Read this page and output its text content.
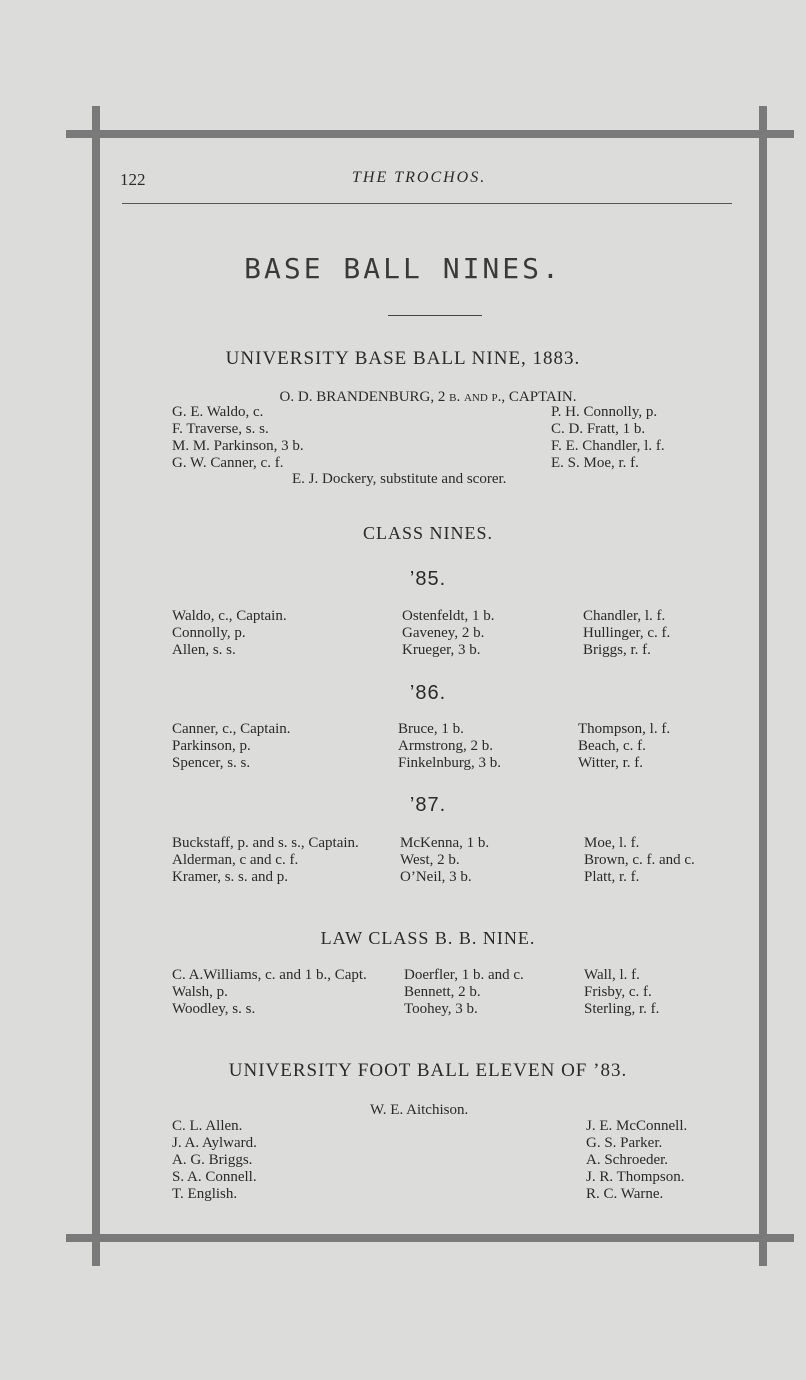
122	THE TROCHOS.
BASE BALL NINES.
UNIVERSITY BASE BALL NINE, 1883.
O. D. BRANDENBURG, 2 b. and p., CAPTAIN.
G. E. Waldo, c.
F. Traverse, s. s.
M. M. Parkinson, 3 b.
G. W. Canner, c. f.
P. H. Connolly, p.
C. D. Fratt, 1 b.
F. E. Chandler, l. f.
E. S. Moe, r. f.
E. J. Dockery, substitute and scorer.
CLASS NINES.
’85.
Waldo, c., Captain.
Connolly, p.
Allen, s. s.
Ostenfeldt, 1 b.
Gaveney, 2 b.
Krueger, 3 b.
Chandler, l. f.
Hullinger, c. f.
Briggs, r. f.
’86.
Canner, c., Captain.
Parkinson, p.
Spencer, s. s.
Bruce, 1 b.
Armstrong, 2 b.
Finkelnburg, 3 b.
Thompson, l. f.
Beach, c. f.
Witter, r. f.
’87.
Buckstaff, p. and s. s., Captain.
Alderman, c and c. f.
Kramer, s. s. and p.
McKenna, 1 b.
West, 2 b.
O’Neil, 3 b.
Moe, l. f.
Brown, c. f. and c.
Platt, r. f.
LAW CLASS B. B. NINE.
C. A.Williams, c. and 1 b., Capt.
Walsh, p.
Woodley, s. s.
Doerfler, 1 b. and c.
Bennett, 2 b.
Toohey, 3 b.
Wall, l. f.
Frisby, c. f.
Sterling, r. f.
UNIVERSITY FOOT BALL ELEVEN OF ’83.
W. E. Aitchison.
C. L. Allen.
J. A. Aylward.
A. G. Briggs.
S. A. Connell.
T. English.
J. E. McConnell.
G. S. Parker.
A. Schroeder.
J. R. Thompson.
R. C. Warne.
